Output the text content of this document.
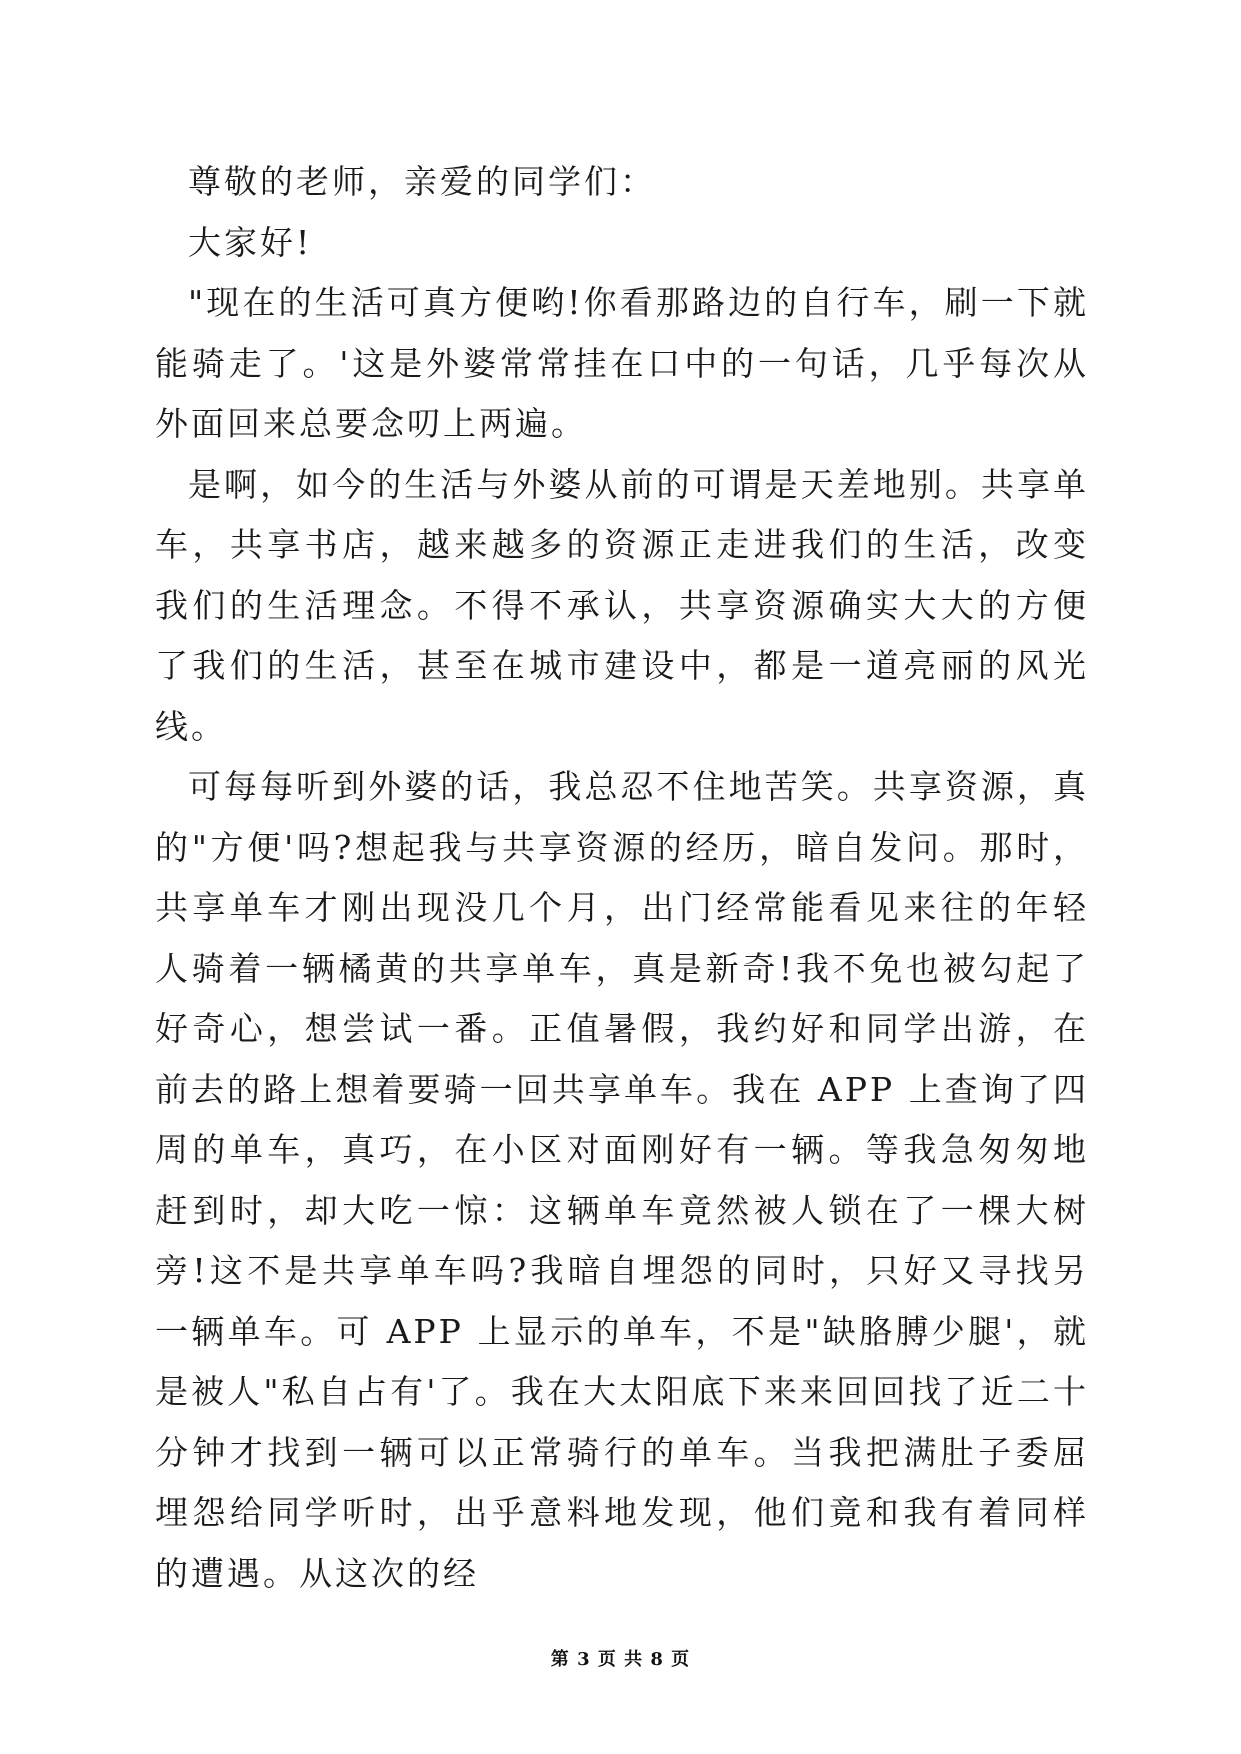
尊敬的老师，亲爱的同学们：

大家好!

"现在的生活可真方便哟!你看那路边的自行车，刷一下就能骑走了。'这是外婆常常挂在口中的一句话，几乎每次从外面回来总要念叨上两遍。

是啊，如今的生活与外婆从前的可谓是天差地别。共享单车，共享书店，越来越多的资源正走进我们的生活，改变我们的生活理念。不得不承认，共享资源确实大大的方便了我们的生活，甚至在城市建设中，都是一道亮丽的风光线。

可每每听到外婆的话，我总忍不住地苦笑。共享资源，真的"方便'吗?想起我与共享资源的经历，暗自发问。那时，共享单车才刚出现没几个月，出门经常能看见来往的年轻人骑着一辆橘黄的共享单车，真是新奇!我不免也被勾起了好奇心，想尝试一番。正值暑假，我约好和同学出游，在前去的路上想着要骑一回共享单车。我在 APP 上查询了四周的单车，真巧，在小区对面刚好有一辆。等我急匆匆地赶到时，却大吃一惊：这辆单车竟然被人锁在了一棵大树旁!这不是共享单车吗?我暗自埋怨的同时，只好又寻找另一辆单车。可 APP 上显示的单车，不是"缺胳膊少腿'，就是被人"私自占有'了。我在大太阳底下来来回回找了近二十分钟才找到一辆可以正常骑行的单车。当我把满肚子委屈埋怨给同学听时，出乎意料地发现，他们竟和我有着同样的遭遇。从这次的经

第 3 页 共 8 页
